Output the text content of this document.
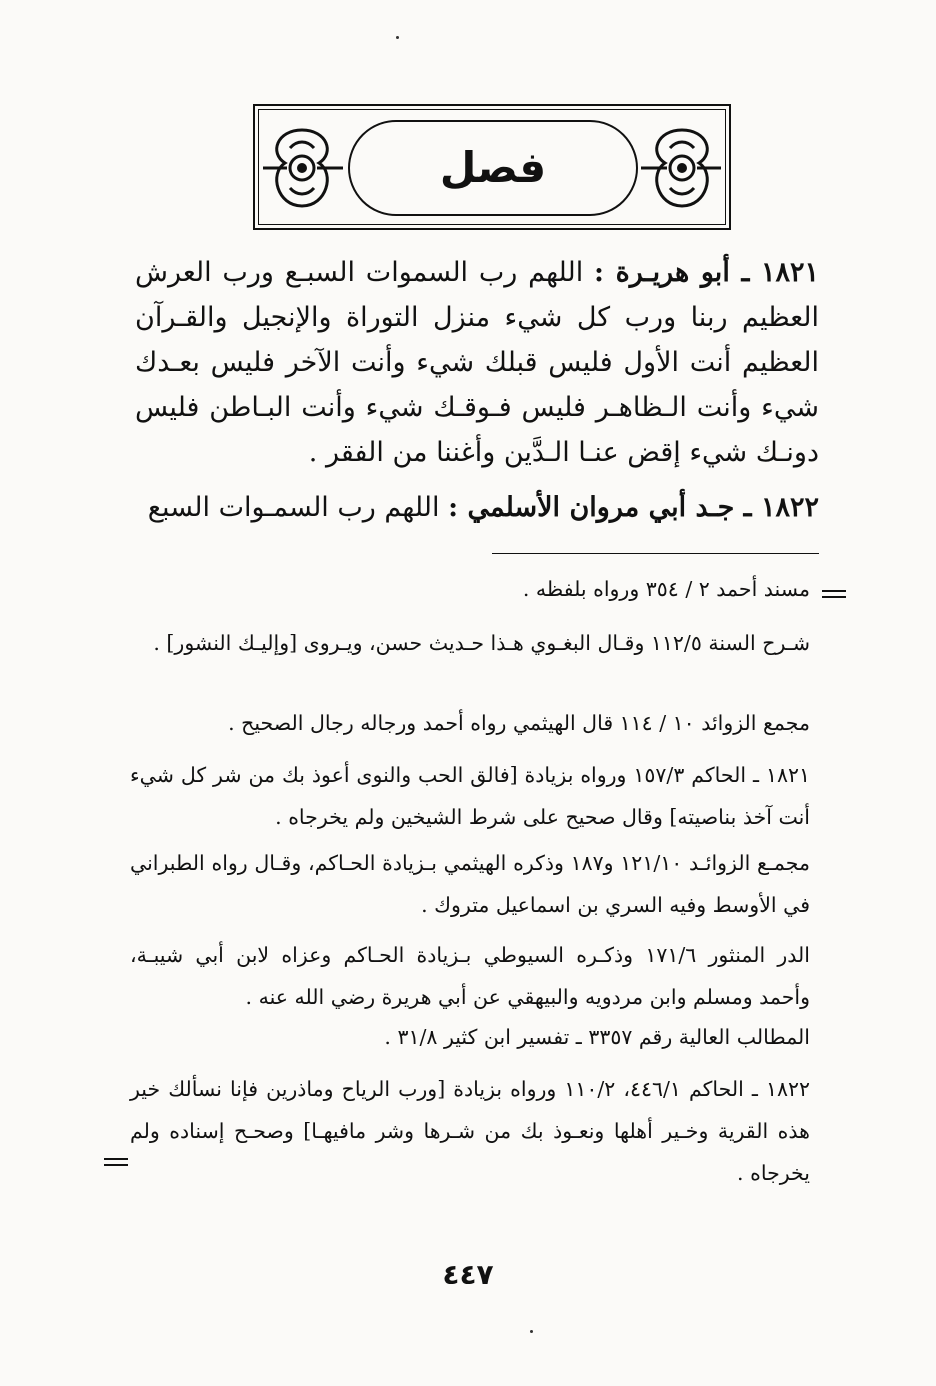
فصل

١٨٢١ ـ أبو هريـرة : اللهم رب السموات السبـع ورب العرش العظيم ربنا ورب كل شيء منزل التوراة والإنجيل والقـرآن العظيم أنت الأول فليس قبلك شيء وأنت الآخر فليس بعـدك شيء وأنت الـظاهـر فليس فـوقـك شيء وأنت البـاطن فليس دونـك شيء إقض عنـا الـدَّين وأغننا من الفقر .

١٨٢٢ ـ جـد أبي مروان الأسلمي : اللهم رب السمـوات السبع

مسند أحمد ٢ / ٣٥٤ ورواه بلفظه .

شـرح السنة ١١٢/٥ وقـال البغـوي هـذا حـديث حسن، ويـروى [وإليـك النشور] .

مجمع الزوائد ١٠ / ١١٤ قال الهيثمي رواه أحمد ورجاله رجال الصحيح .

١٨٢١ ـ الحاكم ١٥٧/٣ ورواه بزيادة [فالق الحب والنوى أعوذ بك من شر كل شيء أنت آخذ بناصيته] وقال صحيح على شرط الشيخين ولم يخرجاه .

مجمـع الزوائـد ١٢١/١٠ و١٨٧ وذكره الهيثمي بـزيادة الحـاكم، وقـال رواه الطبراني في الأوسط وفيه السري بن اسماعيل متروك .

الدر المنثور ١٧١/٦ وذكـره السيوطي بـزيادة الحـاكم وعزاه لابن أبي شيبـة، وأحمد ومسلم وابن مردويه والبيهقي عن أبي هريرة رضي الله عنه .

المطالب العالية رقم ٣٣٥٧ ـ تفسير ابن كثير ٣١/٨ .

١٨٢٢ ـ الحاكم ٤٤٦/١، ١١٠/٢ ورواه بزيادة [ورب الرياح وماذرين فإنا نسألك خير هذه القرية وخـير أهلها ونعـوذ بك من شـرها وشر مافيهـا] وصحـح إسناده ولم يخرجاه .

٤٤٧
